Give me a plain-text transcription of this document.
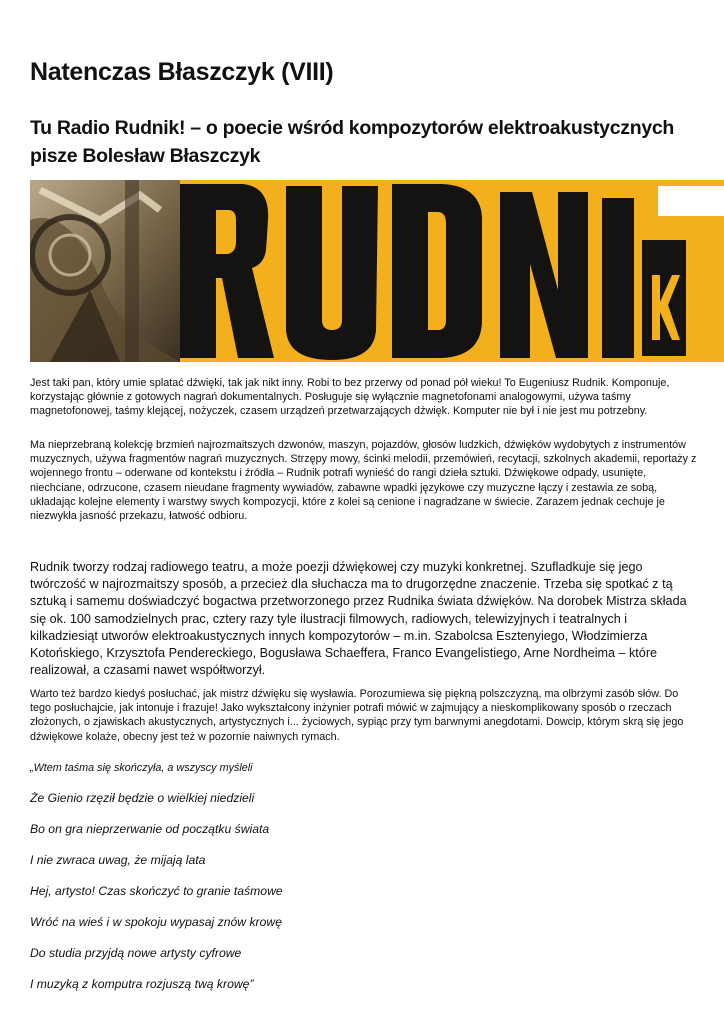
Natenczas Błaszczyk (VIII)
Tu Radio Rudnik! – o poecie wśród kompozytorów elektroakustycznych pisze Bolesław Błaszczyk

Jest taki pan, który umie splatać dźwięki, tak jak nikt inny. Robi to bez przerwy od ponad pół wieku! To Eugeniusz Rudnik. Komponuje, korzystając głównie z gotowych nagrań dokumentalnych. Posługuje się wyłącznie magnetofonami analogowymi, używa taśmy magnetofonowej, taśmy klejącej, nożyczek, czasem urządzeń przetwarzających dźwięk. Komputer nie był i nie jest mu potrzebny.

Ma nieprzebraną kolekcję brzmień najrozmaitszych dzwonów, maszyn, pojazdów, głosów ludzkich, dźwięków wydobytych z instrumentów muzycznych, używa fragmentów nagrań muzycznych. Strzępy mowy, ścinki melodii, przemówień, recytacji, szkolnych akademii, reportaży z wojennego frontu – oderwane od kontekstu i źródła – Rudnik potrafi wynieść do rangi dzieła sztuki. Dźwiękowe odpady, usunięte, niechciane, odrzucone, czasem nieudane fragmenty wywiadów, zabawne wpadki językowe czy muzyczne łączy i zestawia ze sobą, układając kolejne elementy i warstwy swych kompozycji, które z kolei są cenione i nagradzane w świecie. Zarazem jednak cechuje je niezwykła jasność przekazu, łatwość odbioru.

Rudnik tworzy rodzaj radiowego teatru, a może poezji dźwiękowej czy muzyki konkretnej. Szufladkuje się jego twórczość w najrozmaitszy sposób, a przecież dla słuchacza ma to drugorzędne znaczenie. Trzeba się spotkać z tą sztuką i samemu doświadczyć bogactwa przetworzonego przez Rudnika świata dźwięków. Na dorobek Mistrza składa się ok. 100 samodzielnych prac, cztery razy tyle ilustracji filmowych, radiowych, telewizyjnych i teatralnych i kilkadziesiąt utworów elektroakustycznych innych kompozytorów – m.in. Szabolcsa Esztenyiego, Włodzimierza Kotońskiego, Krzysztofa Pendereckiego, Bogusława Schaeffera, Franco Evangelistiego, Arne Nordheima – które realizował, a czasami nawet współtworzył.

Warto też bardzo kiedyś posłuchać, jak mistrz dźwięku się wysławia. Porozumiewa się piękną polszczyzną, ma olbrzymi zasób słów. Do tego posłuchajcie, jak intonuje i frazuje! Jako wykształcony inżynier potrafi mówić w zajmujący a nieskomplikowany sposób o rzeczach złożonych, o zjawiskach akustycznych, artystycznych i... życiowych, sypiąc przy tym barwnymi anegdotami. Dowcip, którym skrą się jego dźwiękowe kolaże, obecny jest też w pozornie naiwnych rymach.

„Wtem taśma się skończyła, a wszyscy myśleli

Że Gienio rzęził będzie o wielkiej niedzieli

Bo on gra nieprzerwanie od początku świata

I nie zwraca uwag, że mijają lata

Hej, artysto! Czas skończyć to granie taśmowe

Wróć na wieś i w spokoju wypasaj znów krowę

Do studia przyjdą nowe artysty cyfrowe

I muzyką z komputra rozjuszą twą krowę”
